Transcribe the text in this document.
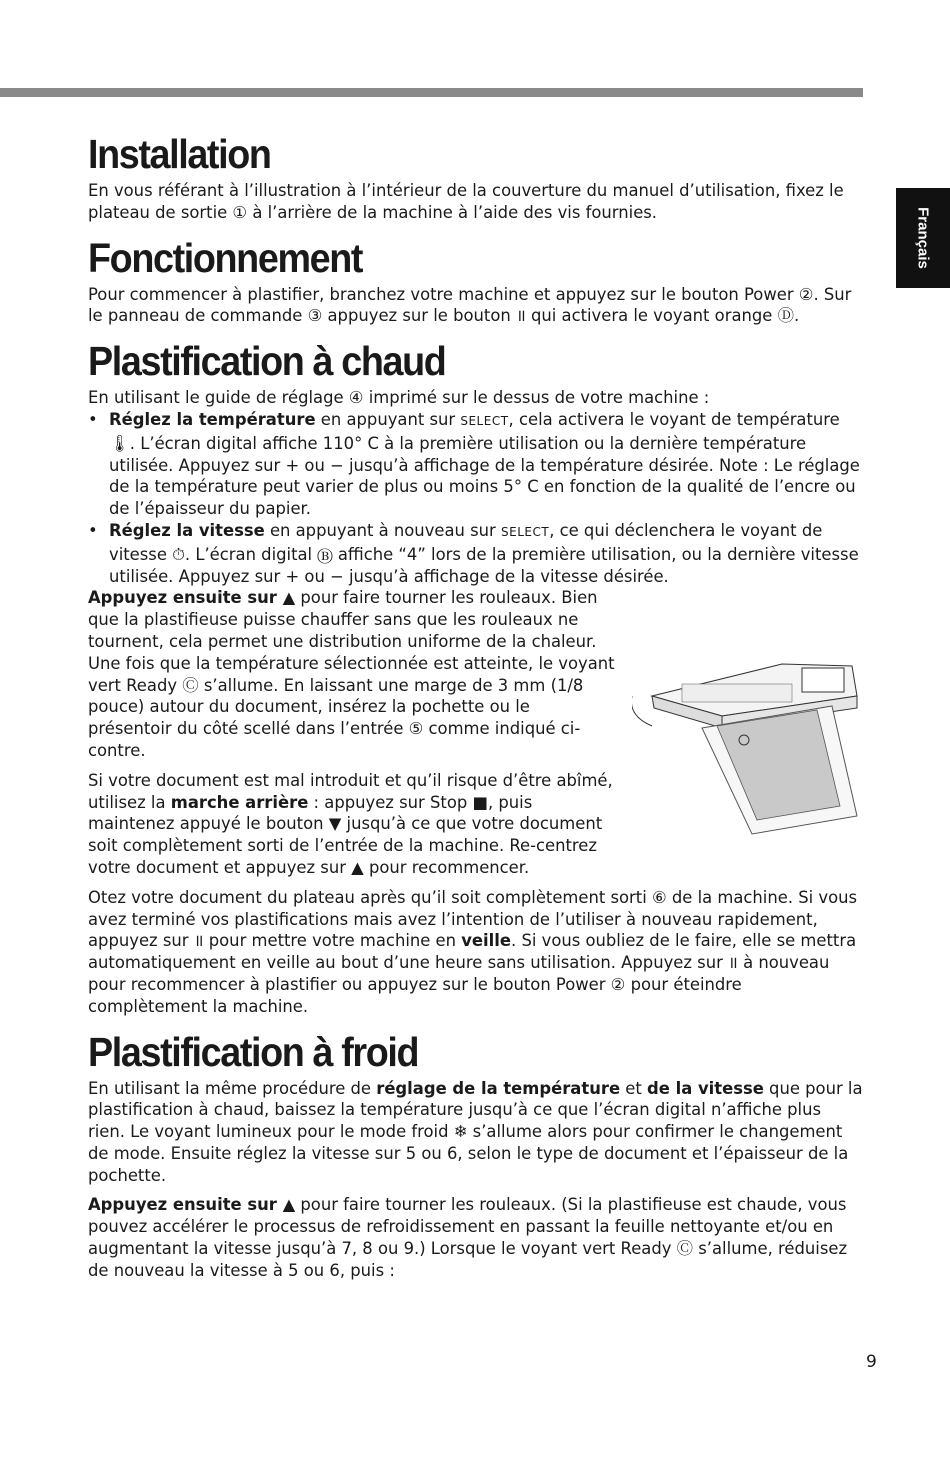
Français
Installation

En vous référant à l’illustration à l’intérieur de la couverture du manuel d’utilisation, fixez le plateau de sortie ① à l’arrière de la machine à l’aide des vis fournies.

Fonctionnement

Pour commencer à plastifier, branchez votre machine et appuyez sur le bouton Power ②. Sur le panneau de commande ③ appuyez sur le bouton ॥ qui activera le voyant orange Ⓓ.

Plastification à chaud

En utilisant le guide de réglage ④ imprimé sur le dessus de votre machine :

• Réglez la température en appuyant sur SELECT, cela activera le voyant de température 🌡. L’écran digital affiche 110° C à la première utilisation ou la dernière température utilisée. Appuyez sur + ou − jusqu’à affichage de la température désirée. Note : Le réglage de la température peut varier de plus ou moins 5° C en fonction de la qualité de l’encre ou de l’épaisseur du papier.
• Réglez la vitesse en appuyant à nouveau sur SELECT, ce qui déclenchera le voyant de vitesse ⏱. L’écran digital Ⓑ affiche “4” lors de la première utilisation, ou la dernière vitesse utilisée. Appuyez sur + ou − jusqu’à affichage de la vitesse désirée.

Appuyez ensuite sur ▲ pour faire tourner les rouleaux. Bien que la plastifieuse puisse chauffer sans que les rouleaux ne tournent, cela permet une distribution uniforme de la chaleur. Une fois que la température sélectionnée est atteinte, le voyant vert Ready Ⓒ s’allume. En laissant une marge de 3 mm (1/8 pouce) autour du document, insérez la pochette ou le présentoir du côté scellé dans l’entrée ⑤ comme indiqué ci-contre.

Si votre document est mal introduit et qu’il risque d’être abîmé, utilisez la marche arrière : appuyez sur Stop ■, puis maintenez appuyé le bouton ▼ jusqu’à ce que votre document soit complètement sorti de l’entrée de la machine. Re-centrez votre document et appuyez sur ▲ pour recommencer.

Otez votre document du plateau après qu’il soit complètement sorti ⑥ de la machine. Si vous avez terminé vos plastifications mais avez l’intention de l’utiliser à nouveau rapidement, appuyez sur ॥ pour mettre votre machine en veille. Si vous oubliez de le faire, elle se mettra automatiquement en veille au bout d’une heure sans utilisation. Appuyez sur ॥ à nouveau pour recommencer à plastifier ou appuyez sur le bouton Power ② pour éteindre complètement la machine.

Plastification à froid

En utilisant la même procédure de réglage de la température et de la vitesse que pour la plastification à chaud, baissez la température jusqu’à ce que l’écran digital n’affiche plus rien. Le voyant lumineux pour le mode froid ❄ s’allume alors pour confirmer le changement de mode. Ensuite réglez la vitesse sur 5 ou 6, selon le type de document et l’épaisseur de la pochette.

Appuyez ensuite sur ▲ pour faire tourner les rouleaux. (Si la plastifieuse est chaude, vous pouvez accélérer le processus de refroidissement en passant la feuille nettoyante et/ou en augmentant la vitesse jusqu’à 7, 8 ou 9.) Lorsque le voyant vert Ready Ⓒ s’allume, réduisez de nouveau la vitesse à 5 ou 6, puis :

9
